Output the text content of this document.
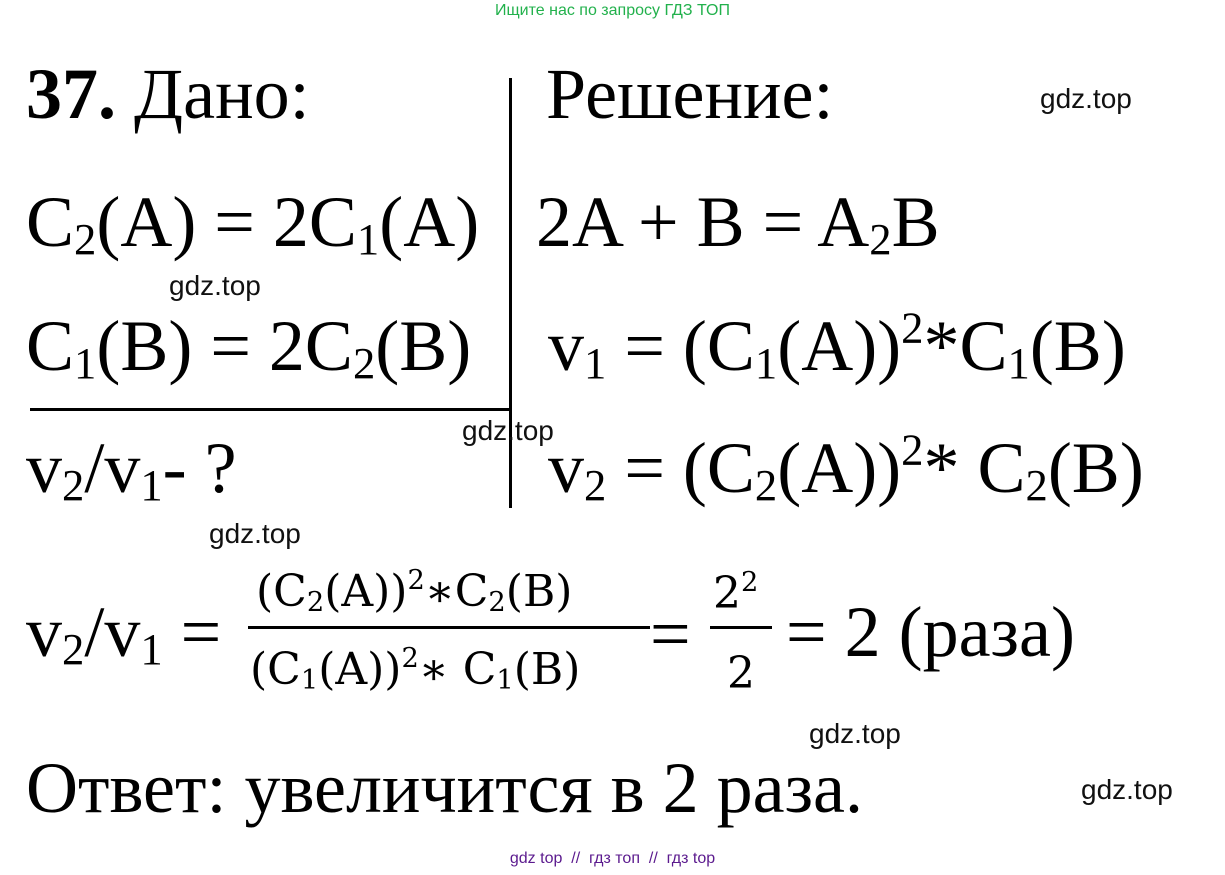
Ищите нас по запросу ГДЗ ТОП
37. Дано:	Решение:
C2(A) = 2C1(A)
C1(B) = 2C2(B)
v2/v1- ?
2A + B = A2B
$v1 = (C1(A))^2*C1(B)$
$v2 = (C2(A))^2*$ C2(B)
v2/v1 =
$(C2(A))^2∗C2(B)$
$(C1(A))^2∗$ C1(B) =
$2^2$
2
= 2 (раза)
Ответ: увеличится в 2 раза.
gdz.top
gdz.top
gdz.top
gdz.top
gdz.top
gdz.top
gdz top  //  гдз топ  //  гдз top
